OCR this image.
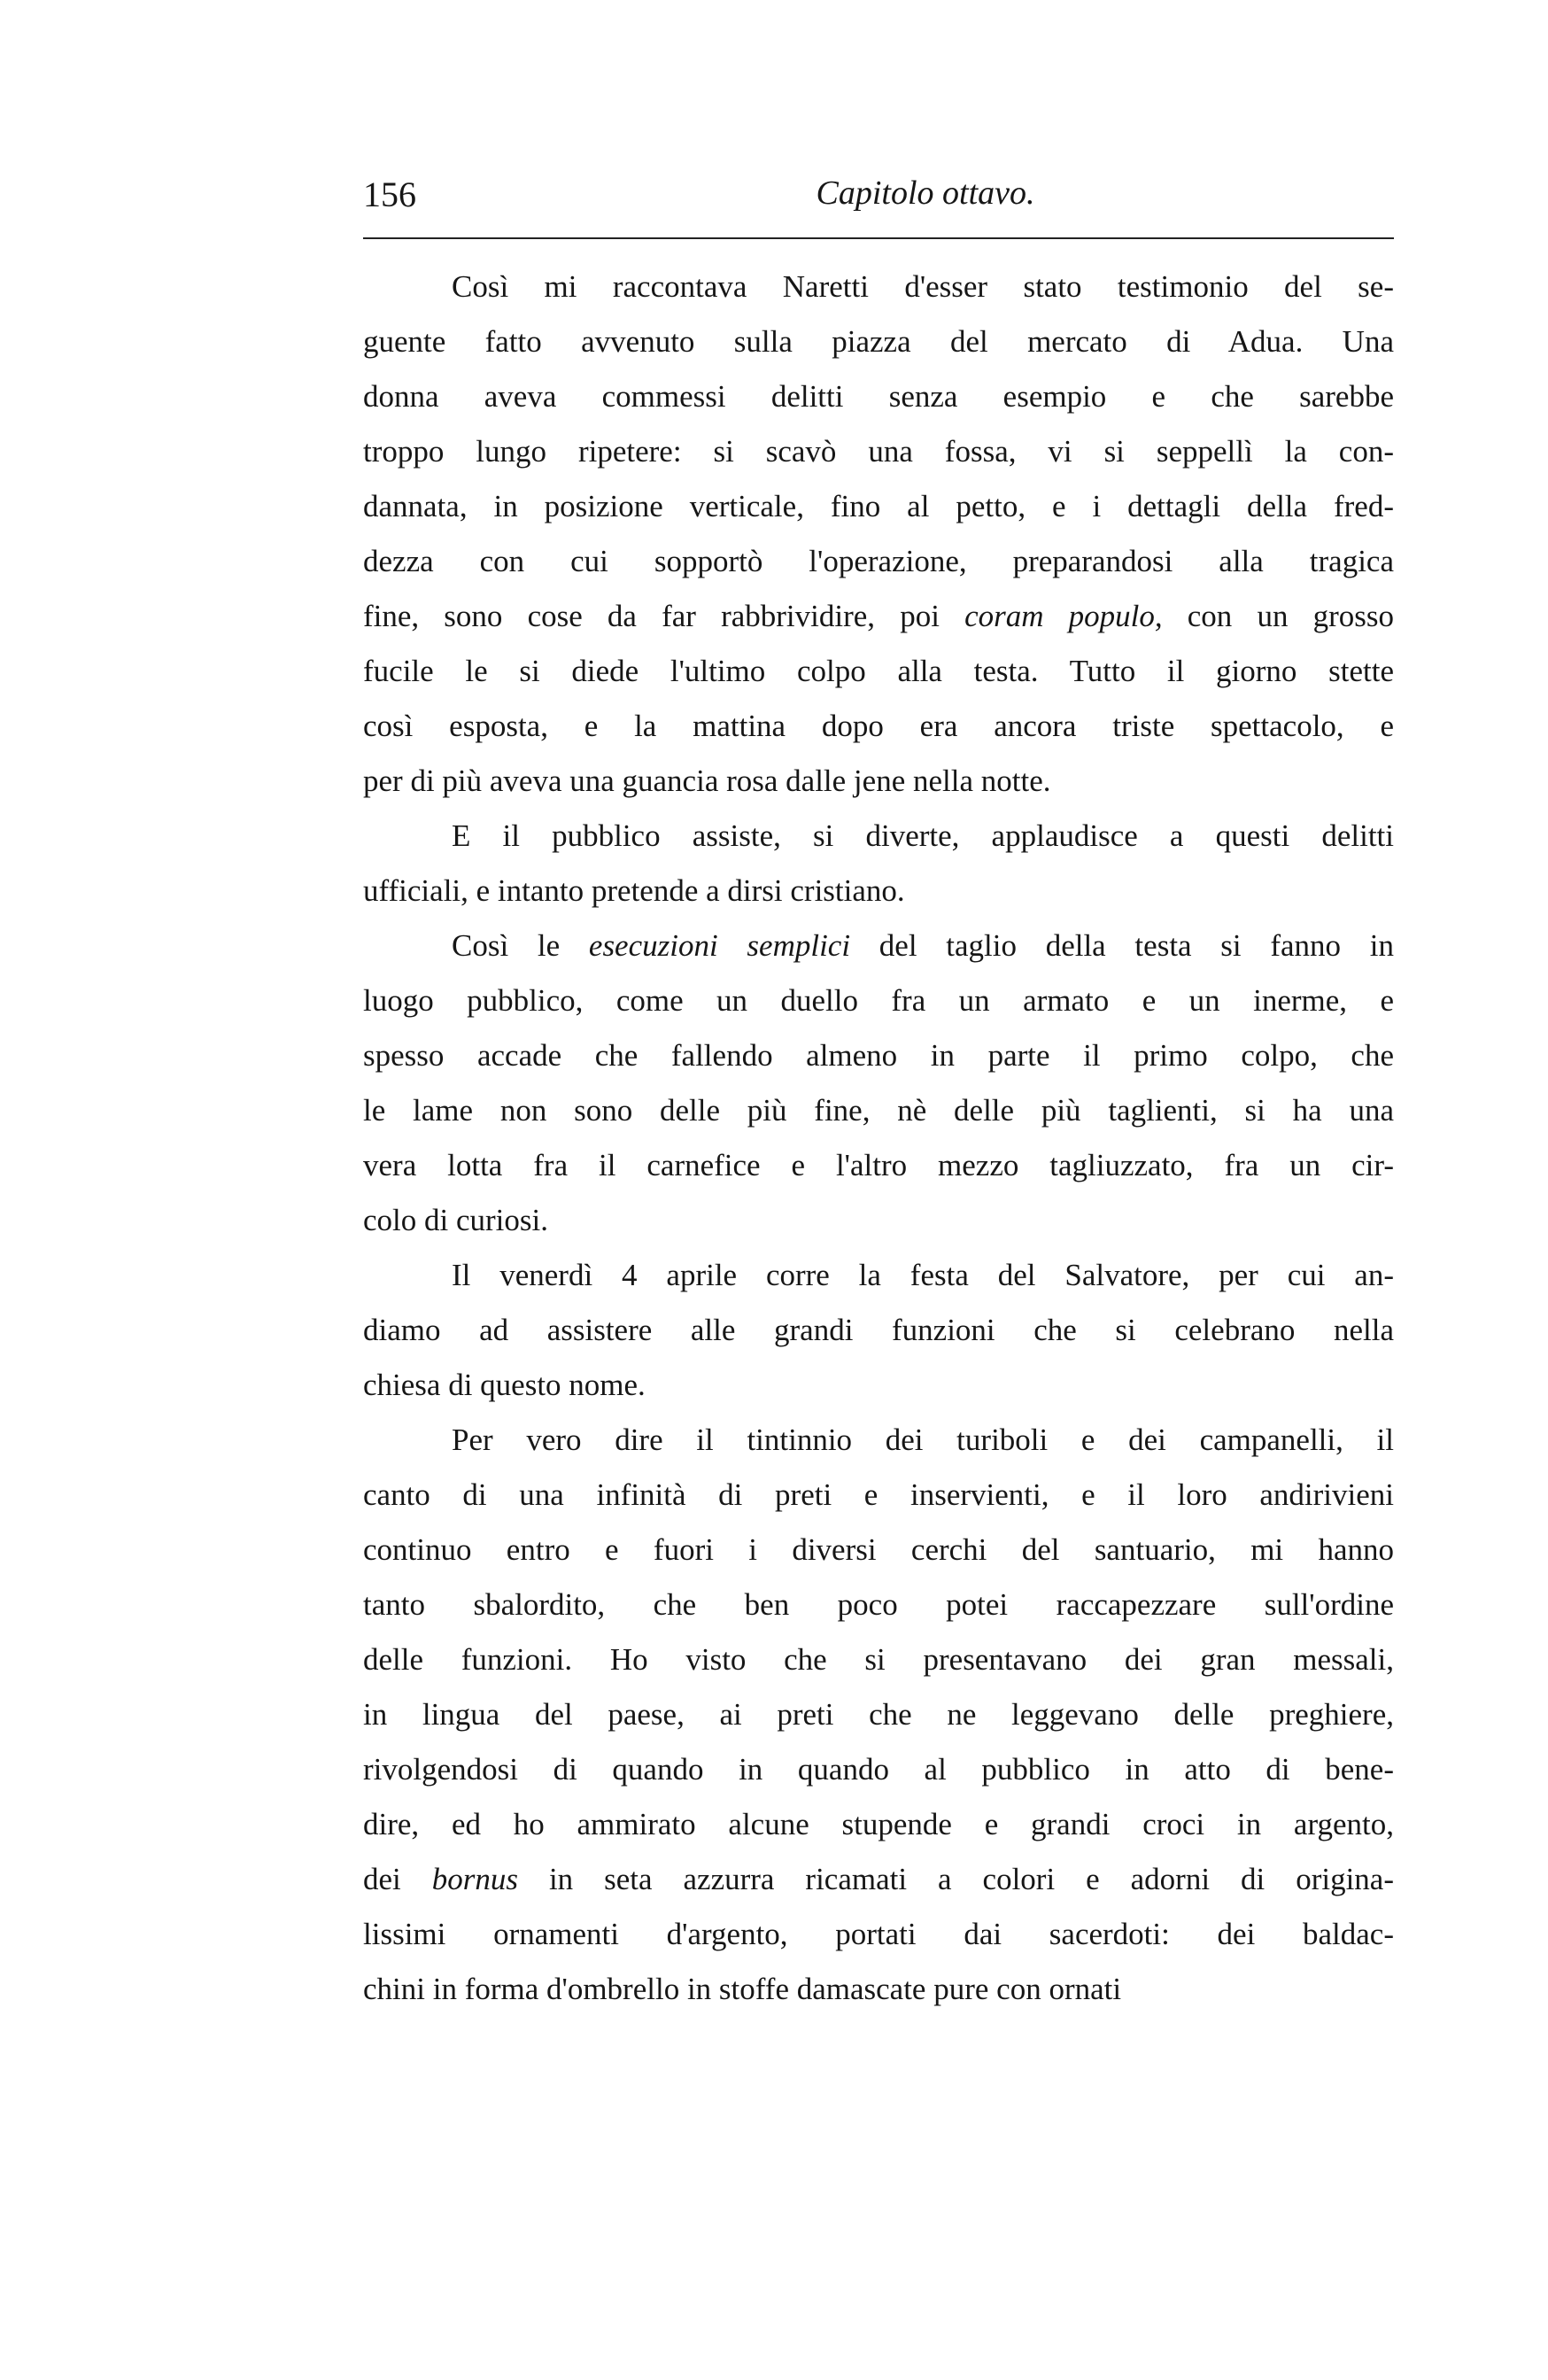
156	Capitolo ottavo.
Così mi raccontava Naretti d'esser stato testimonio del se-
guente fatto avvenuto sulla piazza del mercato di Adua. Una
donna aveva commessi delitti senza esempio e che sarebbe
troppo lungo ripetere: si scavò una fossa, vi si seppellì la con-
dannata, in posizione verticale, fino al petto, e i dettagli della fred-
dezza con cui sopportò l'operazione, preparandosi alla tragica
fine, sono cose da far rabbrividire, poi coram populo, con un grosso
fucile le si diede l'ultimo colpo alla testa. Tutto il giorno stette
così esposta, e la mattina dopo era ancora triste spettacolo, e
per di più aveva una guancia rosa dalle jene nella notte.
E il pubblico assiste, si diverte, applaudisce a questi delitti
ufficiali, e intanto pretende a dirsi cristiano.
Così le esecuzioni semplici del taglio della testa si fanno in
luogo pubblico, come un duello fra un armato e un inerme, e
spesso accade che fallendo almeno in parte il primo colpo, che
le lame non sono delle più fine, nè delle più taglienti, si ha una
vera lotta fra il carnefice e l'altro mezzo tagliuzzato, fra un cir-
colo di curiosi.
Il venerdì 4 aprile corre la festa del Salvatore, per cui an-
diamo ad assistere alle grandi funzioni che si celebrano nella
chiesa di questo nome.
Per vero dire il tintinnio dei turiboli e dei campanelli, il
canto di una infinità di preti e inservienti, e il loro andirivieni
continuo entro e fuori i diversi cerchi del santuario, mi hanno
tanto sbalordito, che ben poco potei raccapezzare sull'ordine
delle funzioni. Ho visto che si presentavano dei gran messali,
in lingua del paese, ai preti che ne leggevano delle preghiere,
rivolgendosi di quando in quando al pubblico in atto di bene-
dire, ed ho ammirato alcune stupende e grandi croci in argento,
dei bornus in seta azzurra ricamati a colori e adorni di origina-
lissimi ornamenti d'argento, portati dai sacerdoti: dei baldac-
chini in forma d'ombrello in stoffe damascate pure con ornati
